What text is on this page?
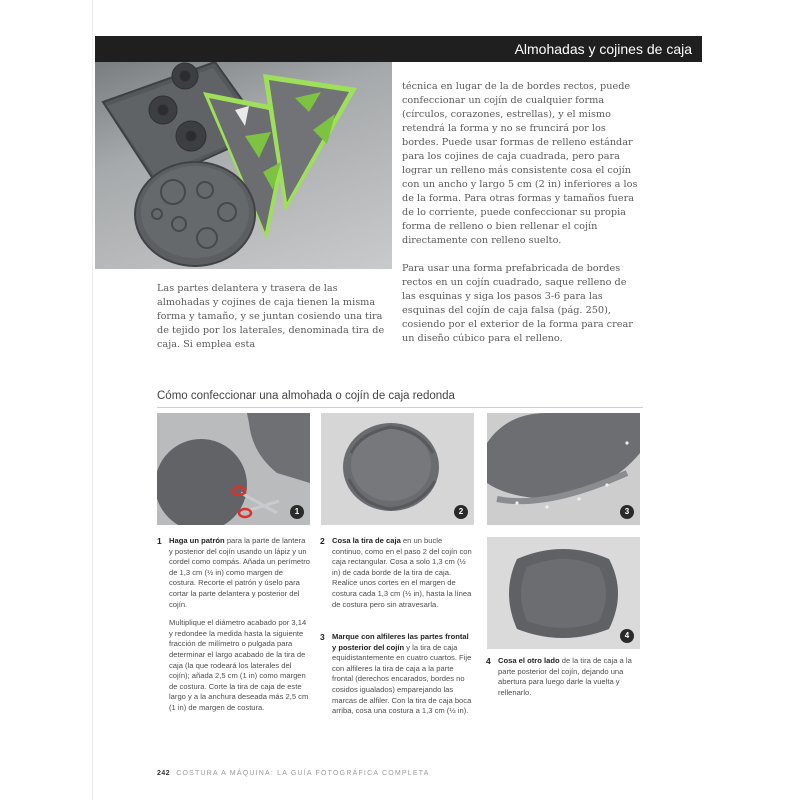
Almohadas y cojines de caja

Las partes delantera y trasera de las almohadas y cojines de caja tienen la misma forma y tamaño, y se juntan cosiendo una tira de tejido por los laterales, denominada tira de caja. Si emplea esta

técnica en lugar de la de bordes rectos, puede confeccionar un cojín de cualquier forma (círculos, corazones, estrellas), y el mismo retendrá la forma y no se fruncirá por los bordes. Puede usar formas de relleno estándar para los cojines de caja cuadrada, pero para lograr un relleno más consistente cosa el cojín con un ancho y largo 5 cm (2 in) inferiores a los de la forma. Para otras formas y tamaños fuera de lo corriente, puede confeccionar su propia forma de relleno o bien rellenar el cojín directamente con relleno suelto.

Para usar una forma prefabricada de bordes rectos en un cojín cuadrado, saque relleno de las esquinas y siga los pasos 3-6 para las esquinas del cojín de caja falsa (pág. 250), cosiendo por el exterior de la forma para crear un diseño cúbico para el relleno.

Cómo confeccionar una almohada o cojín de caja redonda
1	2	3
4
1 Haga un patrón para la parte de lantera y posterior del cojín usando un lápiz y un cordel como compás. Añada un perímetro de 1,3 cm (½ in) como margen de costura. Recorte el patrón y úselo para cortar la parte delantera y posterior del cojín.

Multiplique el diámetro acabado por 3,14 y redondee la medida hasta la siguiente fracción de milímetro o pulgada para determinar el largo acabado de la tira de caja (la que rodeará los laterales del cojín); añada 2,5 cm (1 in) como margen de costura. Corte la tira de caja de este largo y a la anchura deseada más 2,5 cm (1 in) de margen de costura.

2 Cosa la tira de caja en un bucle continuo, como en el paso 2 del cojín con caja rectangular. Cosa a solo 1,3 cm (½ in) de cada borde de la tira de caja. Realice unos cortes en el margen de costura cada 1,3 cm (½ in), hasta la línea de costura pero sin atravesarla.

3 Marque con alfileres las partes frontal y posterior del cojín y la tira de caja equidistantemente en cuatro cuartos. Fije con alfileres la tira de caja a la parte frontal (derechos encarados, bordes no cosidos igualados) emparejando las marcas de alfiler. Con la tira de caja boca arriba, cosa una costura a 1,3 cm (½ in).

4 Cosa el otro lado de la tira de caja a la parte posterior del cojín, dejando una abertura para luego darle la vuelta y rellenarlo.

242 COSTURA A MÁQUINA: LA GUÍA FOTOGRÁFICA COMPLETA
